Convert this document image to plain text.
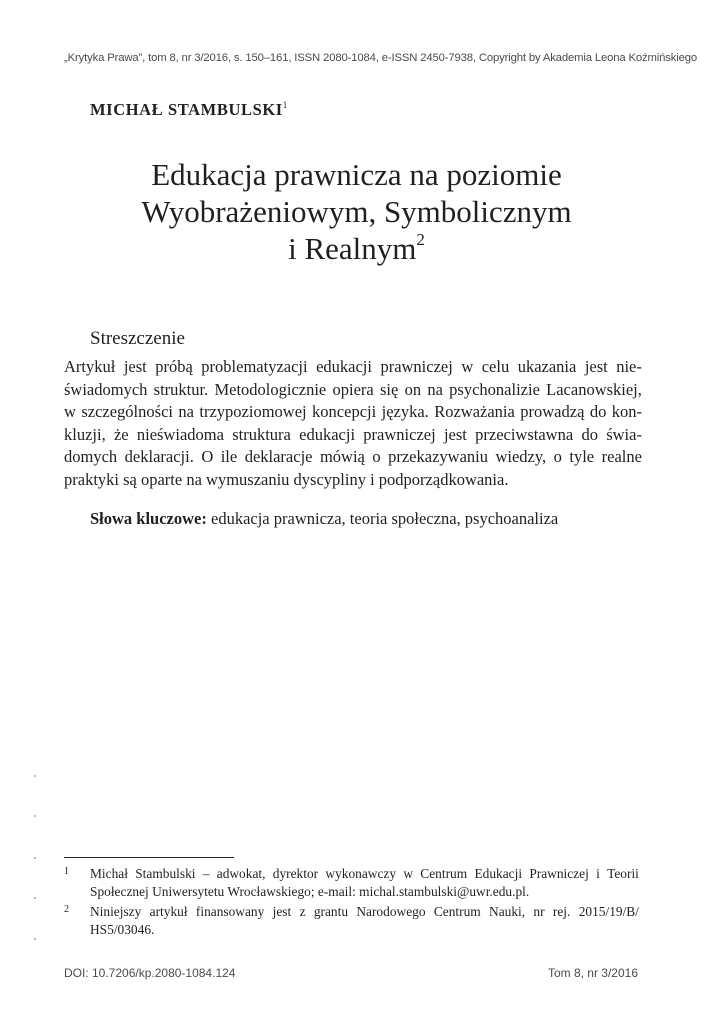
„Krytyka Prawa”, tom 8, nr 3/2016, s. 150–161, ISSN 2080-1084, e-ISSN 2450-7938, Copyright by Akademia Leona Koźmińskiego
MICHAŁ STAMBULSKI$^1$
Edukacja prawnicza na poziomie
Wyobrażeniowym, Symbolicznym
i Realnym$^2$
Streszczenie
Artykuł jest próbą problematyzacji edukacji prawniczej w celu ukazania jest nie-
świadomych struktur. Metodologicznie opiera się on na psychonalizie Lacanowskiej,
w szczególności na trzypoziomowej koncepcji języka. Rozważania prowadzą do kon-
kluzji, że nieświadoma struktura edukacji prawniczej jest przeciwstawna do świa-
domych deklaracji. O ile deklaracje mówią o przekazywaniu wiedzy, o tyle realne
praktyki są oparte na wymuszaniu dyscypliny i podporządkowania.
Słowa kluczowe: edukacja prawnicza, teoria społeczna, psychoanaliza
1 Michał Stambulski – adwokat, dyrektor wykonawczy w Centrum Edukacji Prawniczej i Teorii
Społecznej Uniwersytetu Wrocławskiego; e-mail: michal.stambulski@uwr.edu.pl.
2 Niniejszy artykuł finansowany jest z grantu Narodowego Centrum Nauki, nr rej. 2015/19/B/
HS5/03046.
DOI: 10.7206/kp.2080-1084.124	Tom 8, nr 3/2016
